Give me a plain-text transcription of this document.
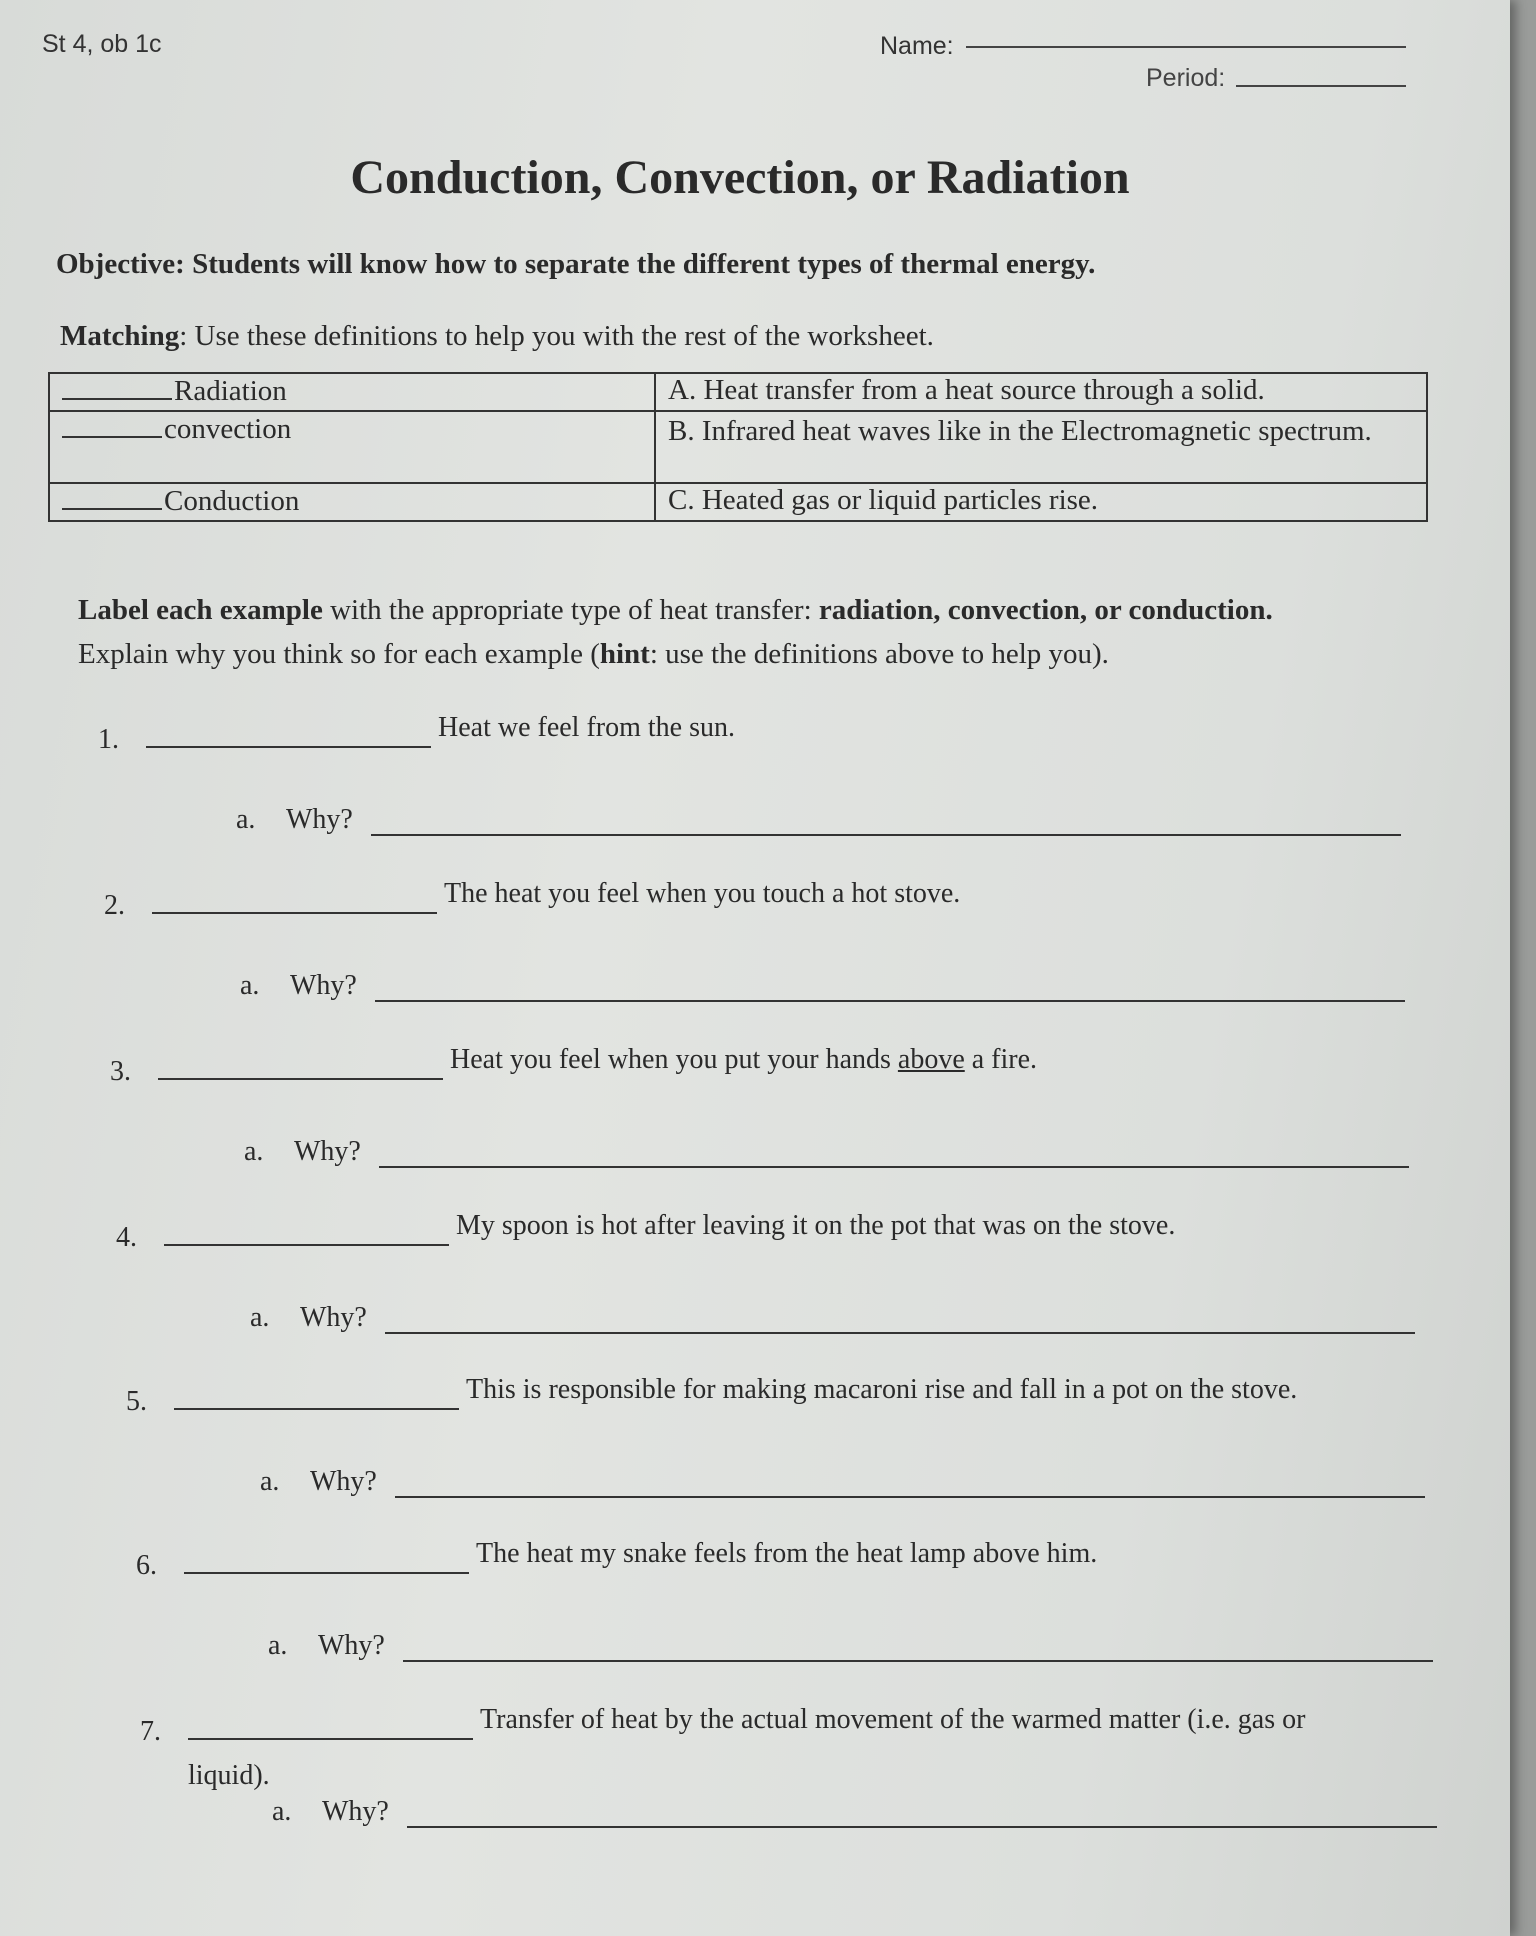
St 4, ob 1c	Name:
Period:
Conduction, Convection, or Radiation
Objective: Students will know how to separate the different types of thermal energy.
Matching: Use these definitions to help you with the rest of the worksheet.
Radiation	A. Heat transfer from a heat source through a solid.
convection	B. Infrared heat waves like in the Electromagnetic spectrum.
Conduction	C. Heated gas or liquid particles rise.
Label each example with the appropriate type of heat transfer: radiation, convection, or conduction.
Explain why you think so for each example (hint: use the definitions above to help you).
1.	Heat we feel from the sun.
a. Why?
2.	The heat you feel when you touch a hot stove.
a. Why?
3.	Heat you feel when you put your hands above a fire.
a. Why?
4.	My spoon is hot after leaving it on the pot that was on the stove.
a. Why?
5.	This is responsible for making macaroni rise and fall in a pot on the stove.
a. Why?
6.	The heat my snake feels from the heat lamp above him.
a. Why?
7.	Transfer of heat by the actual movement of the warmed matter (i.e. gas or
liquid).
a. Why?
